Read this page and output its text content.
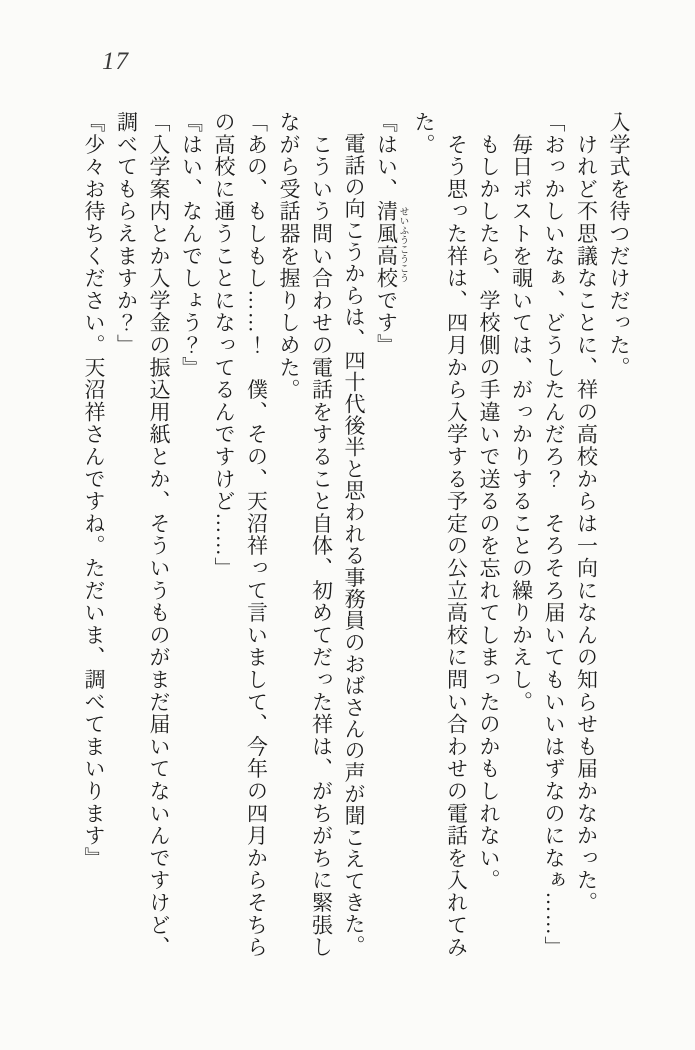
17

入学式を待つだけだった。

　けれど不思議なことに、祥の高校からは一向になんの知らせも届かなかった。

「おっかしいなぁ、どうしたんだろ？　そろそろ届いてもいいはずなのになぁ……」

　毎日ポストを覗いては、がっかりすることの繰りかえし。

　もしかしたら、学校側の手違いで送るのを忘れてしまったのかもしれない。

　そう思った祥は、四月から入学する予定の公立高校に問い合わせの電話を入れてみた。

『はい、清風高校 せいふうこうこうです』

　電話の向こうからは、四十代後半と思われる事務員のおばさんの声が聞こえてきた。

　こういう問い合わせの電話をすること自体、初めてだった祥は、がちがちに緊張しながら受話器を握りしめた。

「あの、もしもし……！　僕、その、天沼祥って言いまして、今年の四月からそちらの高校に通うことになってるんですけど……」

『はい、なんでしょう？』

「入学案内とか入学金の振込用紙とか、そういうものがまだ届いてないんですけど、調べてもらえますか？」

『少々お待ちください。天沼祥さんですね。ただいま、調べてまいります』
